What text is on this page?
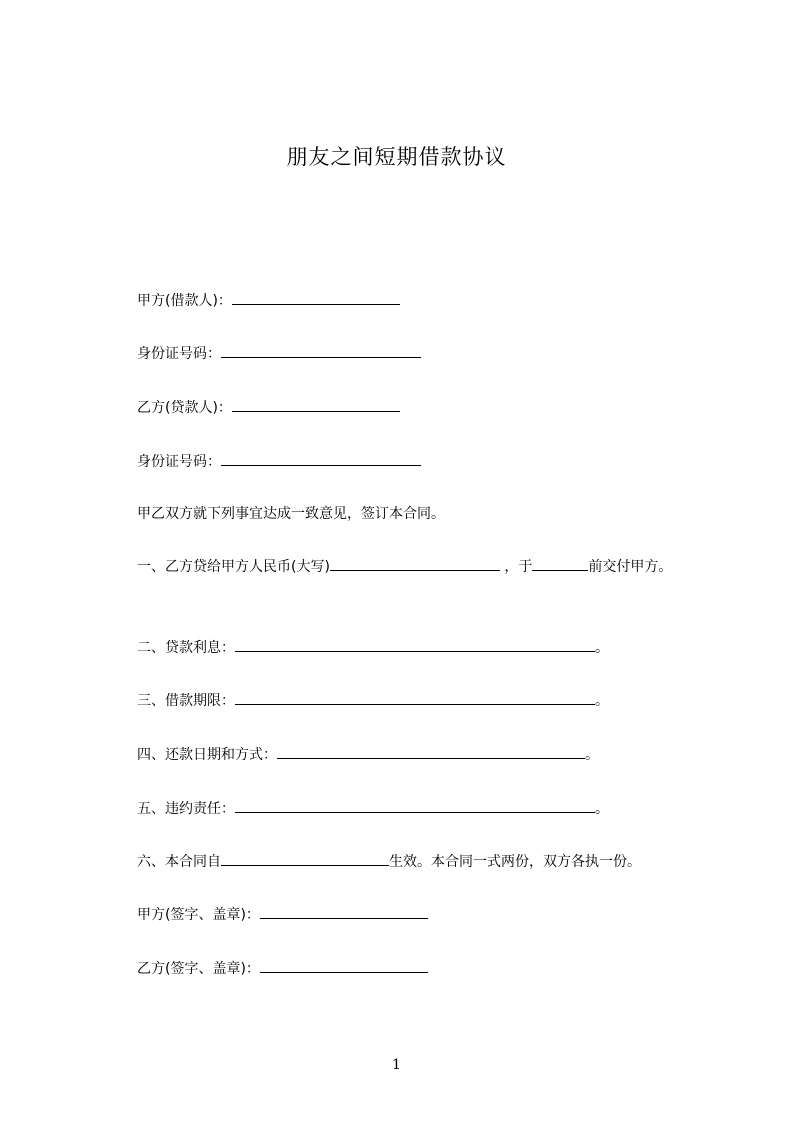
朋友之间短期借款协议
甲方(借款人)：
身份证号码：
乙方(贷款人)：
身份证号码：
甲乙双方就下列事宜达成一致意见，签订本合同。
一、乙方贷给甲方人民币(大写)	，于	前交付甲方。
二、贷款利息：	。
三、借款期限：	。
四、还款日期和方式：	。
五、违约责任：	。
六、本合同自	生效。本合同一式两份，双方各执一份。
甲方(签字、盖章)：
乙方(签字、盖章)：
1
